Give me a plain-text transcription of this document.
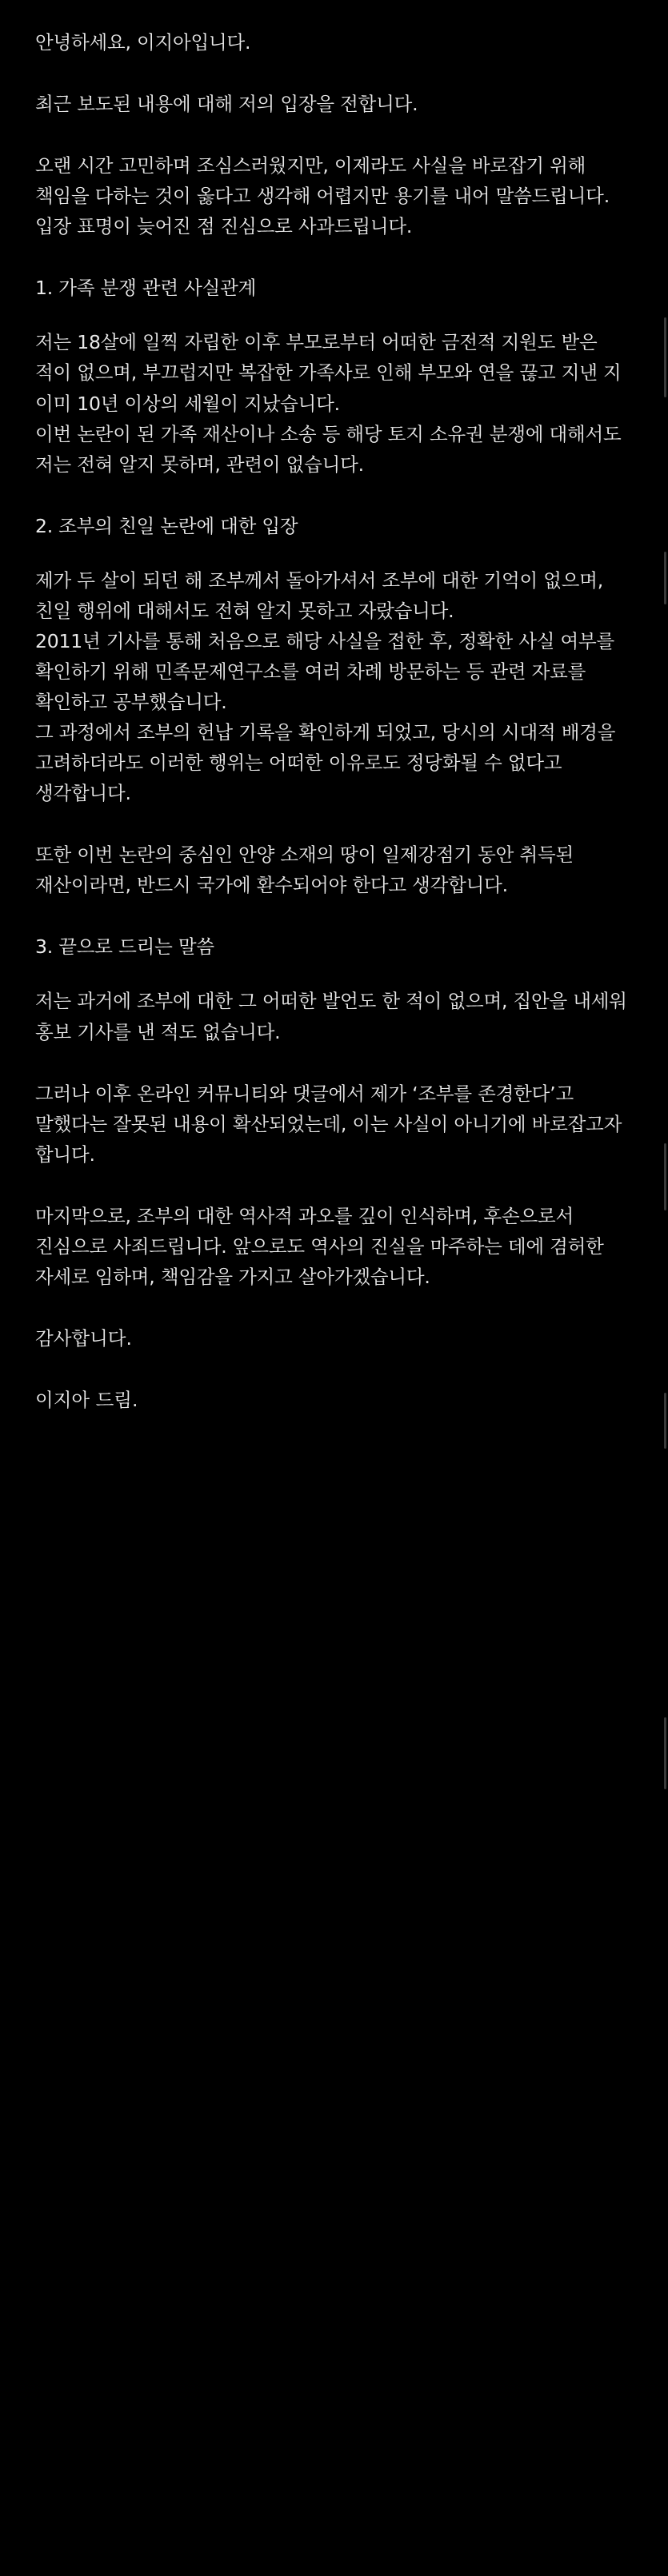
안녕하세요, 이지아입니다.

최근 보도된 내용에 대해 저의 입장을 전합니다.

오랜 시간 고민하며 조심스러웠지만, 이제라도 사실을 바로잡기 위해 책임을 다하는 것이 옳다고 생각해 어렵지만 용기를 내어 말씀드립니다.

입장 표명이 늦어진 점 진심으로 사과드립니다.

1. 가족 분쟁 관련 사실관계

저는 18살에 일찍 자립한 이후 부모로부터 어떠한 금전적 지원도 받은 적이 없으며, 부끄럽지만 복잡한 가족사로 인해 부모와 연을 끊고 지낸 지 이미 10년 이상의 세월이 지났습니다.

이번 논란이 된 가족 재산이나 소송 등 해당 토지 소유권 분쟁에 대해서도 저는 전혀 알지 못하며, 관련이 없습니다.

2. 조부의 친일 논란에 대한 입장

제가 두 살이 되던 해 조부께서 돌아가셔서 조부에 대한 기억이 없으며, 친일 행위에 대해서도 전혀 알지 못하고 자랐습니다.

2011년 기사를 통해 처음으로 해당 사실을 접한 후, 정확한 사실 여부를 확인하기 위해 민족문제연구소를 여러 차례 방문하는 등 관련 자료를 확인하고 공부했습니다.

그 과정에서 조부의 헌납 기록을 확인하게 되었고, 당시의 시대적 배경을 고려하더라도 이러한 행위는 어떠한 이유로도 정당화될 수 없다고 생각합니다.

또한 이번 논란의 중심인 안양 소재의 땅이 일제강점기 동안 취득된 재산이라면, 반드시 국가에 환수되어야 한다고 생각합니다.

3. 끝으로 드리는 말씀

저는 과거에 조부에 대한 그 어떠한 발언도 한 적이 없으며, 집안을 내세워 홍보 기사를 낸 적도 없습니다.

그러나 이후 온라인 커뮤니티와 댓글에서 제가 ‘조부를 존경한다’고 말했다는 잘못된 내용이 확산되었는데, 이는 사실이 아니기에 바로잡고자 합니다.

마지막으로, 조부의 대한 역사적 과오를 깊이 인식하며, 후손으로서 진심으로 사죄드립니다. 앞으로도 역사의 진실을 마주하는 데에 겸허한 자세로 임하며, 책임감을 가지고 살아가겠습니다.

감사합니다.

이지아 드림.
